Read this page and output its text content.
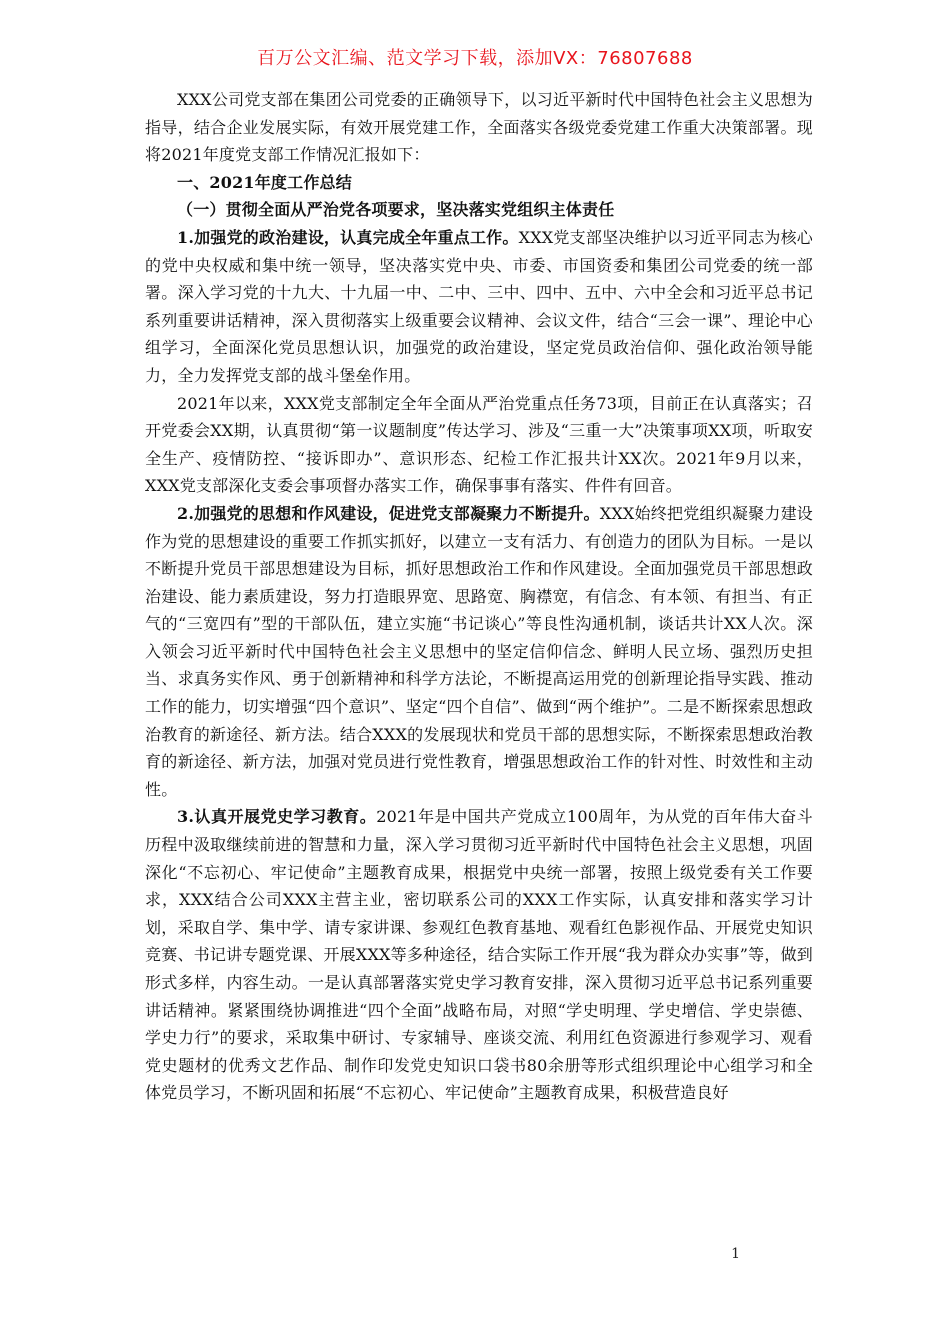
百万公文汇编、范文学习下载，添加VX：76807688

XXX公司党支部在集团公司党委的正确领导下，以习近平新时代中国特色社会主义思想为指导，结合企业发展实际，有效开展党建工作，全面落实各级党委党建工作重大决策部署。现将2021年度党支部工作情况汇报如下：

一、2021年度工作总结

（一）贯彻全面从严治党各项要求，坚决落实党组织主体责任

1.加强党的政治建设，认真完成全年重点工作。XXX党支部坚决维护以习近平同志为核心的党中央权威和集中统一领导，坚决落实党中央、市委、市国资委和集团公司党委的统一部署。深入学习党的十九大、十九届一中、二中、三中、四中、五中、六中全会和习近平总书记系列重要讲话精神，深入贯彻落实上级重要会议精神、会议文件，结合“三会一课”、理论中心组学习，全面深化党员思想认识，加强党的政治建设，坚定党员政治信仰、强化政治领导能力，全力发挥党支部的战斗堡垒作用。

2021年以来，XXX党支部制定全年全面从严治党重点任务73项，目前正在认真落实；召开党委会XX期，认真贯彻“第一议题制度”传达学习、涉及“三重一大”决策事项XX项，听取安全生产、疫情防控、“接诉即办”、意识形态、纪检工作汇报共计XX次。2021年9月以来，XXX党支部深化支委会事项督办落实工作，确保事事有落实、件件有回音。

2.加强党的思想和作风建设，促进党支部凝聚力不断提升。XXX始终把党组织凝聚力建设作为党的思想建设的重要工作抓实抓好，以建立一支有活力、有创造力的团队为目标。一是以不断提升党员干部思想建设为目标，抓好思想政治工作和作风建设。全面加强党员干部思想政治建设、能力素质建设，努力打造眼界宽、思路宽、胸襟宽，有信念、有本领、有担当、有正气的“三宽四有”型的干部队伍，建立实施“书记谈心”等良性沟通机制，谈话共计XX人次。深入领会习近平新时代中国特色社会主义思想中的坚定信仰信念、鲜明人民立场、强烈历史担当、求真务实作风、勇于创新精神和科学方法论，不断提高运用党的创新理论指导实践、推动工作的能力，切实增强“四个意识”、坚定“四个自信”、做到“两个维护”。二是不断探索思想政治教育的新途径、新方法。结合XXX的发展现状和党员干部的思想实际，不断探索思想政治教育的新途径、新方法，加强对党员进行党性教育，增强思想政治工作的针对性、时效性和主动性。

3.认真开展党史学习教育。2021年是中国共产党成立100周年，为从党的百年伟大奋斗历程中汲取继续前进的智慧和力量，深入学习贯彻习近平新时代中国特色社会主义思想，巩固深化“不忘初心、牢记使命”主题教育成果，根据党中央统一部署，按照上级党委有关工作要求，XXX结合公司XXX主营主业，密切联系公司的XXX工作实际，认真安排和落实学习计划，采取自学、集中学、请专家讲课、参观红色教育基地、观看红色影视作品、开展党史知识竞赛、书记讲专题党课、开展XXX等多种途径，结合实际工作开展“我为群众办实事”等，做到形式多样，内容生动。一是认真部署落实党史学习教育安排，深入贯彻习近平总书记系列重要讲话精神。紧紧围绕协调推进“四个全面”战略布局，对照“学史明理、学史增信、学史崇德、学史力行”的要求，采取集中研讨、专家辅导、座谈交流、利用红色资源进行参观学习、观看党史题材的优秀文艺作品、制作印发党史知识口袋书80余册等形式组织理论中心组学习和全体党员学习，不断巩固和拓展“不忘初心、牢记使命”主题教育成果，积极营造良好

1
